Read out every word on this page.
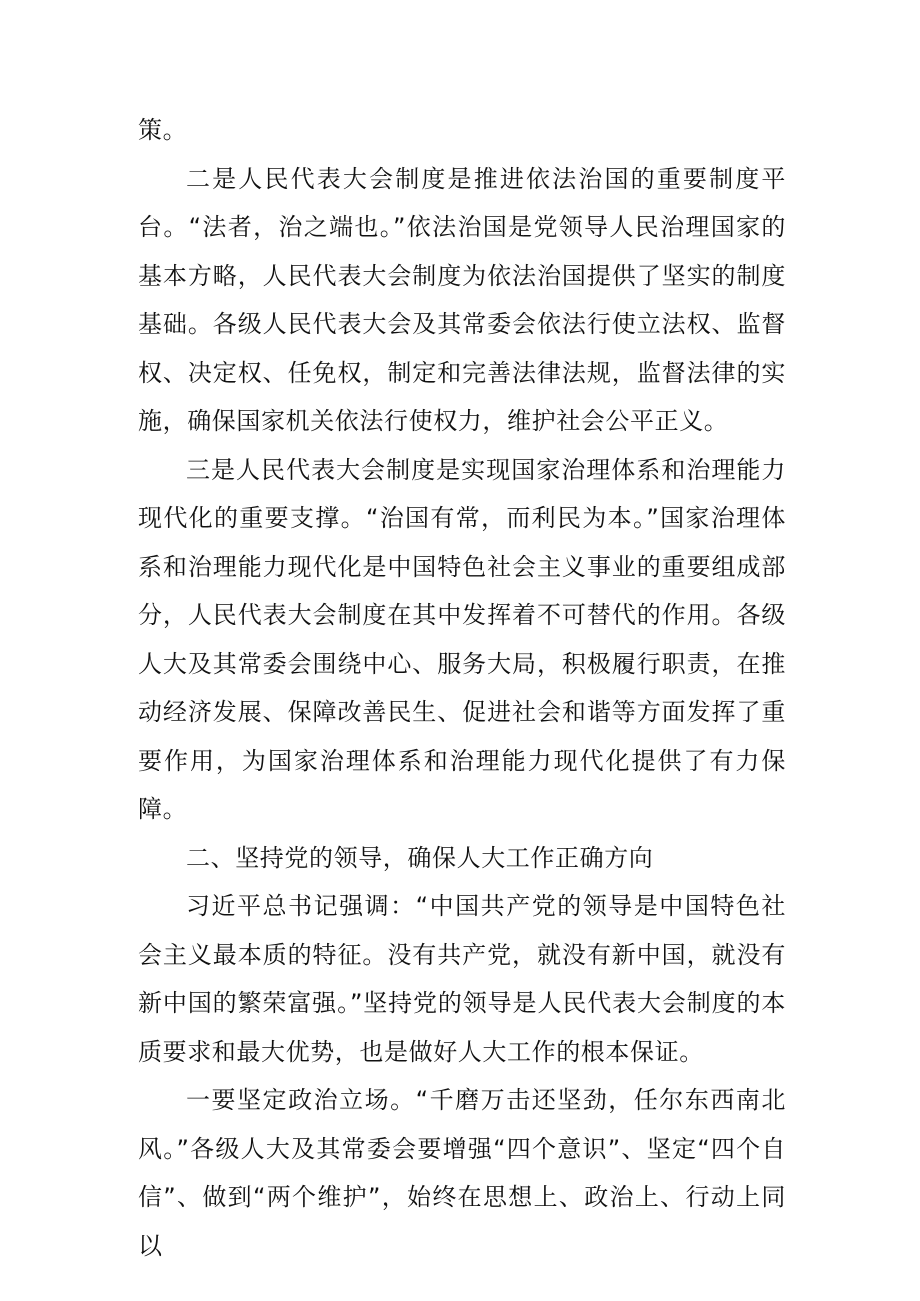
策。

二是人民代表大会制度是推进依法治国的重要制度平台。“法者，治之端也。”依法治国是党领导人民治理国家的基本方略，人民代表大会制度为依法治国提供了坚实的制度基础。各级人民代表大会及其常委会依法行使立法权、监督权、决定权、任免权，制定和完善法律法规，监督法律的实施，确保国家机关依法行使权力，维护社会公平正义。

三是人民代表大会制度是实现国家治理体系和治理能力现代化的重要支撑。“治国有常，而利民为本。”国家治理体系和治理能力现代化是中国特色社会主义事业的重要组成部分，人民代表大会制度在其中发挥着不可替代的作用。各级人大及其常委会围绕中心、服务大局，积极履行职责，在推动经济发展、保障改善民生、促进社会和谐等方面发挥了重要作用，为国家治理体系和治理能力现代化提供了有力保障。

二、坚持党的领导，确保人大工作正确方向

习近平总书记强调：“中国共产党的领导是中国特色社会主义最本质的特征。没有共产党，就没有新中国，就没有新中国的繁荣富强。”坚持党的领导是人民代表大会制度的本质要求和最大优势，也是做好人大工作的根本保证。

一要坚定政治立场。“千磨万击还坚劲，任尔东西南北风。”各级人大及其常委会要增强“四个意识”、坚定“四个自信”、做到“两个维护”，始终在思想上、政治上、行动上同以
